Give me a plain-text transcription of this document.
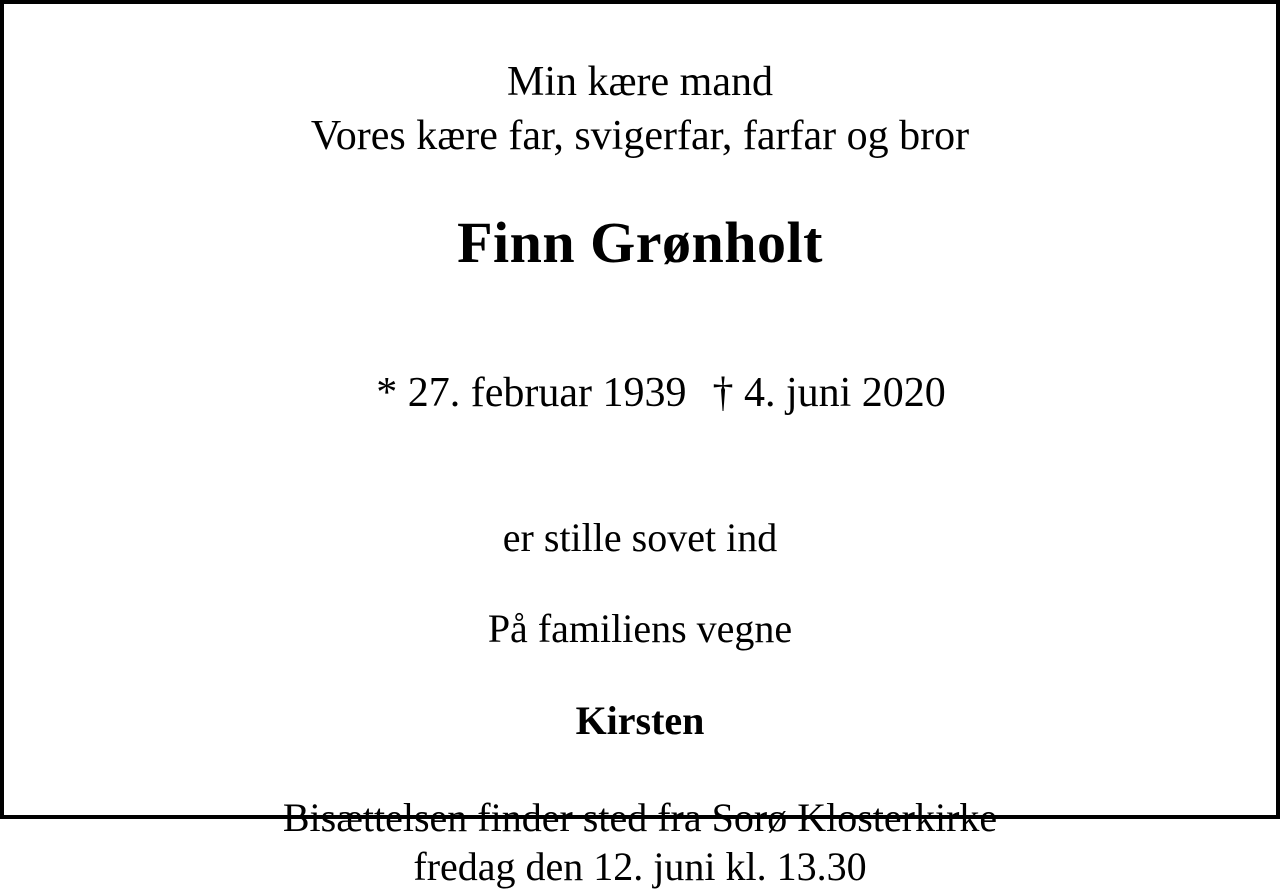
Min kære mand
Vores kære far, svigerfar, farfar og bror
Finn Grønholt

* 27. februar 1939 † 4. juni 2020

er stille sovet ind
På familiens vegne
Kirsten
Bisættelsen finder sted fra Sorø Klosterkirke
fredag den 12. juni kl. 13.30
